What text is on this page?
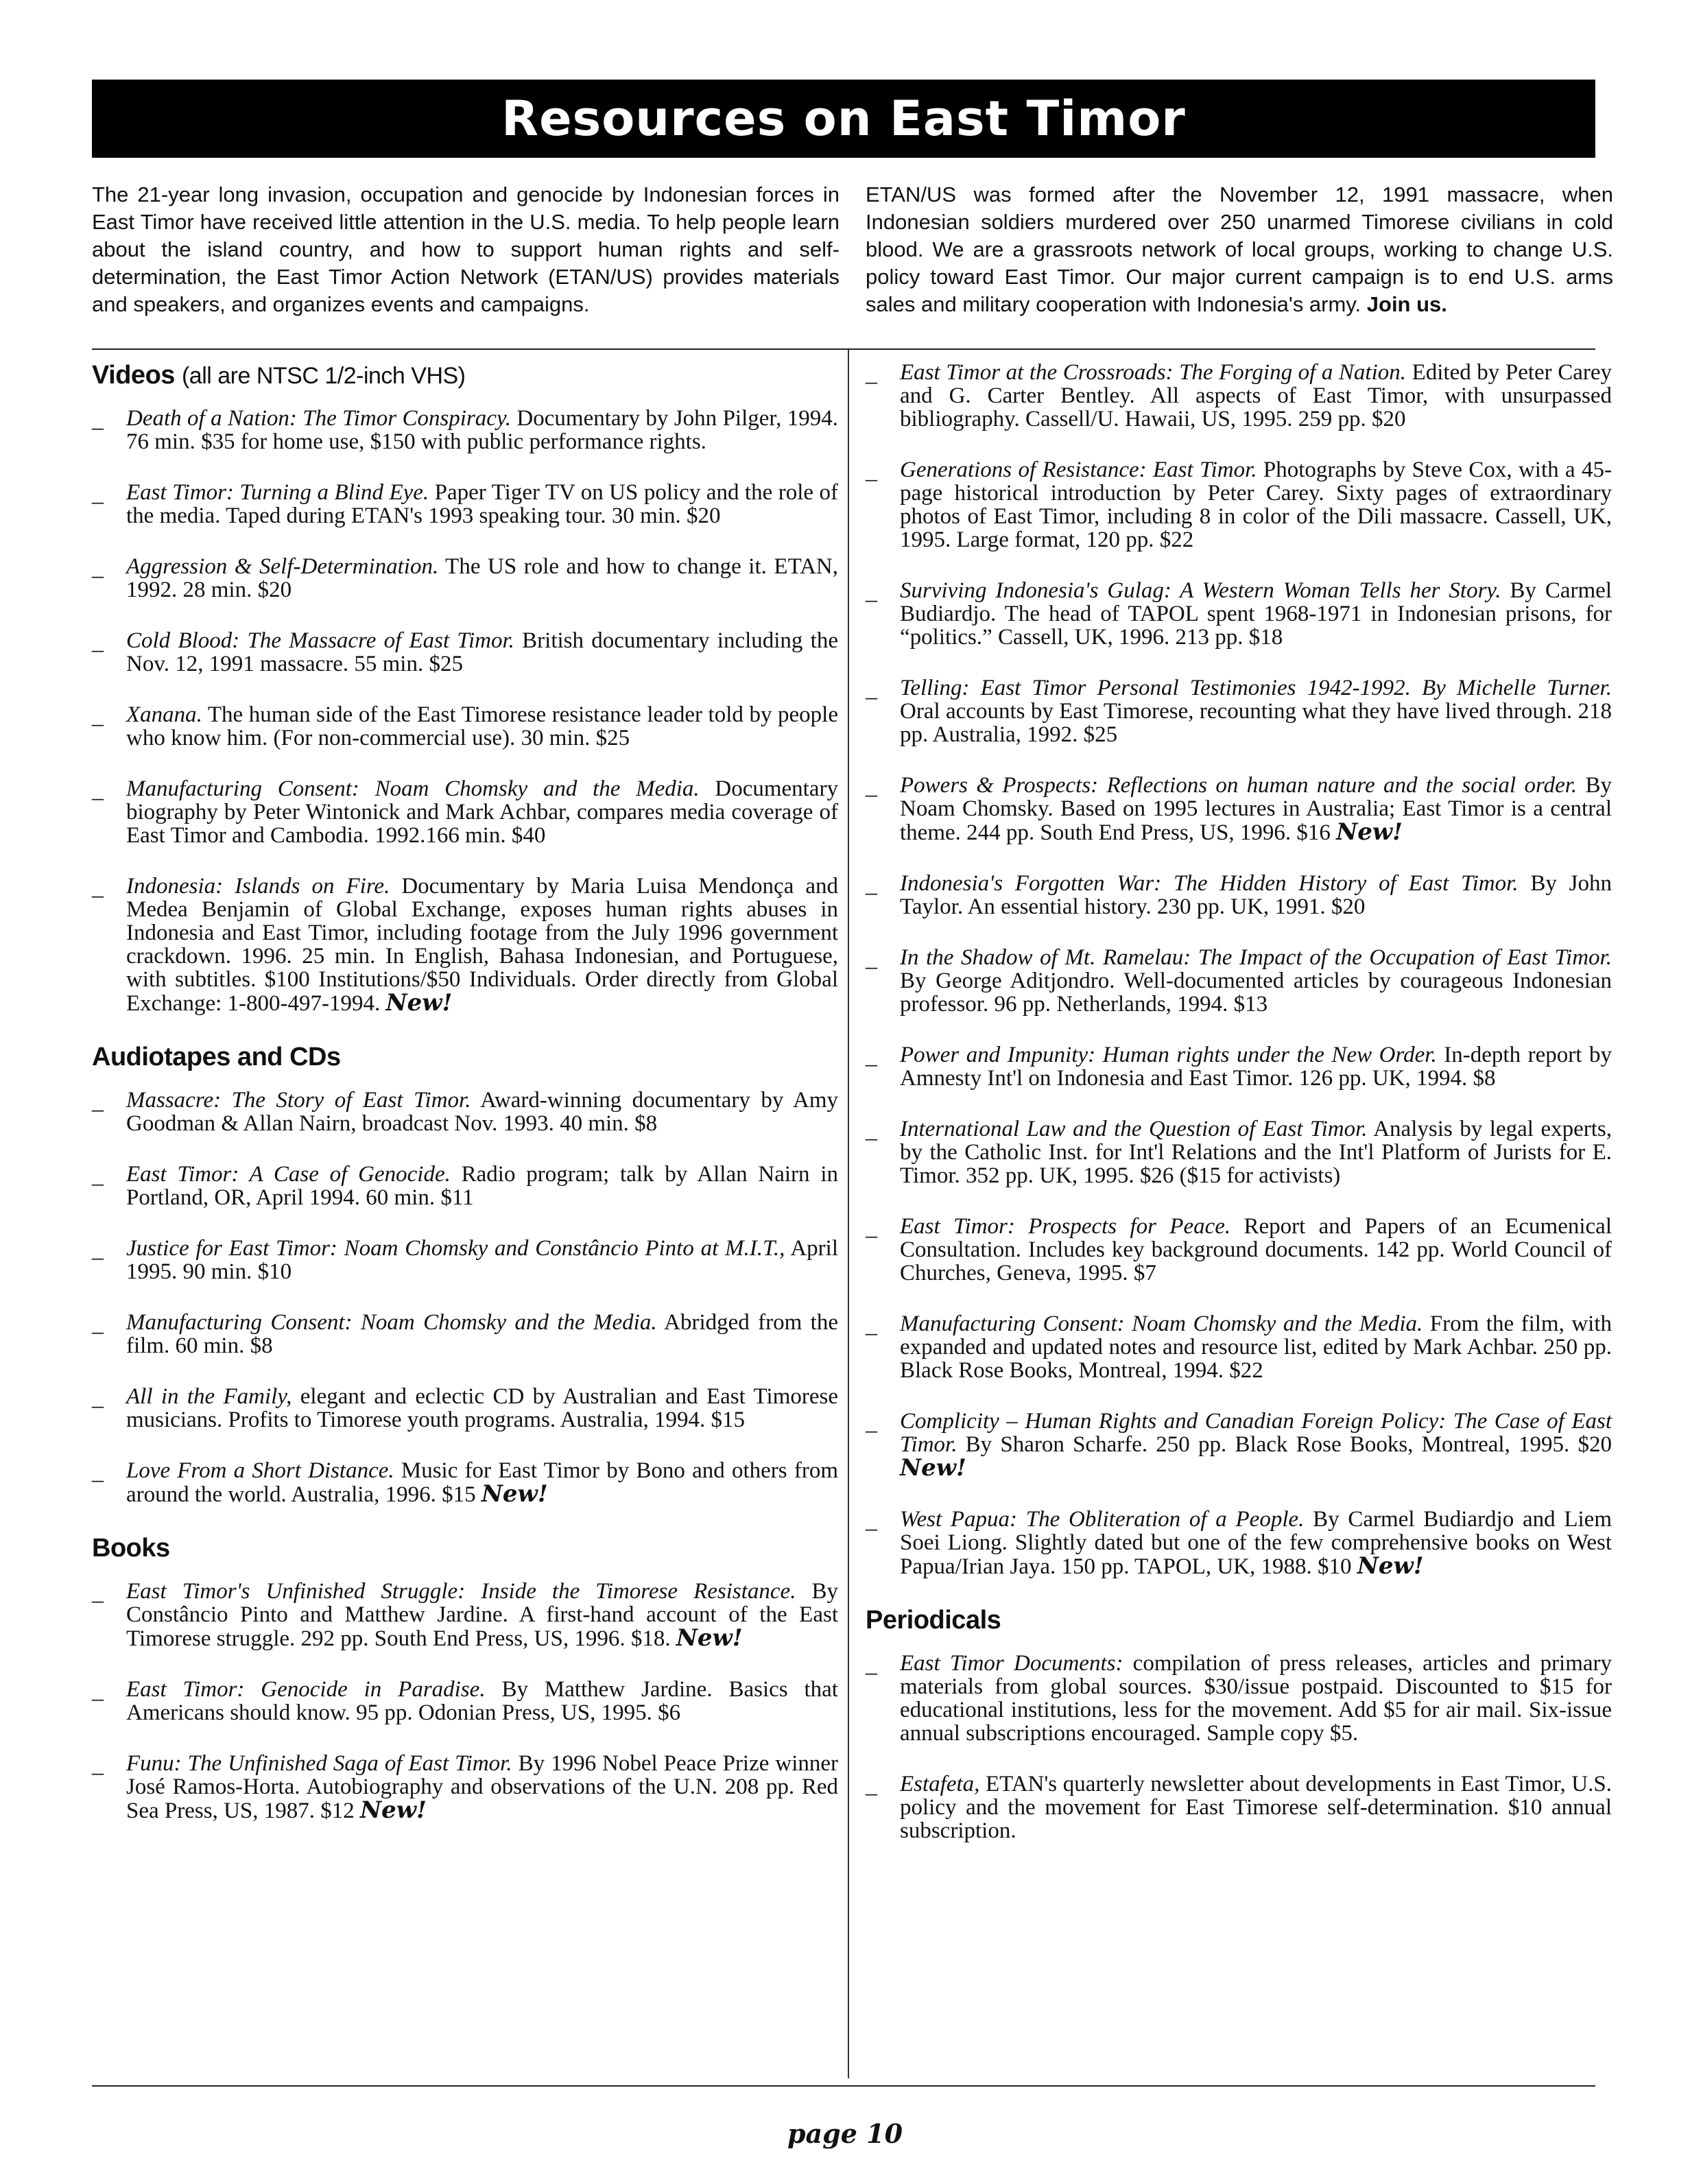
Resources on East Timor

The 21-year long invasion, occupation and genocide by Indonesian forces in East Timor have received little attention in the U.S. media. To help people learn about the island country, and how to support human rights and self-determination, the East Timor Action Network (ETAN/US) provides materials and speakers, and organizes events and campaigns.

ETAN/US was formed after the November 12, 1991 massacre, when Indonesian soldiers murdered over 250 unarmed Timorese civilians in cold blood. We are a grassroots network of local groups, working to change U.S. policy toward East Timor. Our major current campaign is to end U.S. arms sales and military cooperation with Indonesia's army. Join us.

Videos (all are NTSC 1/2-inch VHS)
_ Death of a Nation: The Timor Conspiracy. Documentary by John Pilger, 1994. 76 min. $35 for home use, $150 with public performance rights.
_ East Timor: Turning a Blind Eye. Paper Tiger TV on US policy and the role of the media. Taped during ETAN's 1993 speaking tour. 30 min. $20
_ Aggression & Self-Determination. The US role and how to change it. ETAN, 1992. 28 min. $20
_ Cold Blood: The Massacre of East Timor. British documentary including the Nov. 12, 1991 massacre. 55 min. $25
_ Xanana. The human side of the East Timorese resistance leader told by people who know him. (For non-commercial use). 30 min. $25
_ Manufacturing Consent: Noam Chomsky and the Media. Documentary biography by Peter Wintonick and Mark Achbar, compares media coverage of East Timor and Cambodia. 1992.166 min. $40
_ Indonesia: Islands on Fire. Documentary by Maria Luisa Mendonça and Medea Benjamin of Global Exchange, exposes human rights abuses in Indonesia and East Timor, including footage from the July 1996 government crackdown. 1996. 25 min. In English, Bahasa Indonesian, and Portuguese, with subtitles. $100 Institutions/$50 Individuals. Order directly from Global Exchange: 1-800-497-1994. New!
Audiotapes and CDs
_ Massacre: The Story of East Timor. Award-winning documentary by Amy Goodman & Allan Nairn, broadcast Nov. 1993. 40 min. $8
_ East Timor: A Case of Genocide. Radio program; talk by Allan Nairn in Portland, OR, April 1994. 60 min. $11
_ Justice for East Timor: Noam Chomsky and Constâncio Pinto at M.I.T., April 1995. 90 min. $10
_ Manufacturing Consent: Noam Chomsky and the Media. Abridged from the film. 60 min. $8
_ All in the Family, elegant and eclectic CD by Australian and East Timorese musicians. Profits to Timorese youth programs. Australia, 1994. $15
_ Love From a Short Distance. Music for East Timor by Bono and others from around the world. Australia, 1996. $15 New!
Books
_ East Timor's Unfinished Struggle: Inside the Timorese Resistance. By Constâncio Pinto and Matthew Jardine. A first-hand account of the East Timorese struggle. 292 pp. South End Press, US, 1996. $18. New!
_ East Timor: Genocide in Paradise. By Matthew Jardine. Basics that Americans should know. 95 pp. Odonian Press, US, 1995. $6
_ Funu: The Unfinished Saga of East Timor. By 1996 Nobel Peace Prize winner José Ramos-Horta. Autobiography and observations of the U.N. 208 pp. Red Sea Press, US, 1987. $12 New!
_ East Timor at the Crossroads: The Forging of a Nation. Edited by Peter Carey and G. Carter Bentley. All aspects of East Timor, with unsurpassed bibliography. Cassell/U. Hawaii, US, 1995. 259 pp. $20
_ Generations of Resistance: East Timor. Photographs by Steve Cox, with a 45-page historical introduction by Peter Carey. Sixty pages of extraordinary photos of East Timor, including 8 in color of the Dili massacre. Cassell, UK, 1995. Large format, 120 pp. $22
_ Surviving Indonesia's Gulag: A Western Woman Tells her Story. By Carmel Budiardjo. The head of TAPOL spent 1968-1971 in Indonesian prisons, for “politics.” Cassell, UK, 1996. 213 pp. $18
_ Telling: East Timor Personal Testimonies 1942-1992. By Michelle Turner. Oral accounts by East Timorese, recounting what they have lived through. 218 pp. Australia, 1992. $25
_ Powers & Prospects: Reflections on human nature and the social order. By Noam Chomsky. Based on 1995 lectures in Australia; East Timor is a central theme. 244 pp. South End Press, US, 1996. $16 New!
_ Indonesia's Forgotten War: The Hidden History of East Timor. By John Taylor. An essential history. 230 pp. UK, 1991. $20
_ In the Shadow of Mt. Ramelau: The Impact of the Occupation of East Timor. By George Aditjondro. Well-documented articles by courageous Indonesian professor. 96 pp. Netherlands, 1994. $13
_ Power and Impunity: Human rights under the New Order. In-depth report by Amnesty Int'l on Indonesia and East Timor. 126 pp. UK, 1994. $8
_ International Law and the Question of East Timor. Analysis by legal experts, by the Catholic Inst. for Int'l Relations and the Int'l Platform of Jurists for E. Timor. 352 pp. UK, 1995. $26 ($15 for activists)
_ East Timor: Prospects for Peace. Report and Papers of an Ecumenical Consultation. Includes key background documents. 142 pp. World Council of Churches, Geneva, 1995. $7
_ Manufacturing Consent: Noam Chomsky and the Media. From the film, with expanded and updated notes and resource list, edited by Mark Achbar. 250 pp. Black Rose Books, Montreal, 1994. $22
_ Complicity – Human Rights and Canadian Foreign Policy: The Case of East Timor. By Sharon Scharfe. 250 pp. Black Rose Books, Montreal, 1995. $20 New!
_ West Papua: The Obliteration of a People. By Carmel Budiardjo and Liem Soei Liong. Slightly dated but one of the few comprehensive books on West Papua/Irian Jaya. 150 pp. TAPOL, UK, 1988. $10 New!
Periodicals
_ East Timor Documents: compilation of press releases, articles and primary materials from global sources. $30/issue postpaid. Discounted to $15 for educational institutions, less for the movement. Add $5 for air mail. Six-issue annual subscriptions encouraged. Sample copy $5.
_ Estafeta, ETAN's quarterly newsletter about developments in East Timor, U.S. policy and the movement for East Timorese self-determination. $10 annual subscription.
page 10
